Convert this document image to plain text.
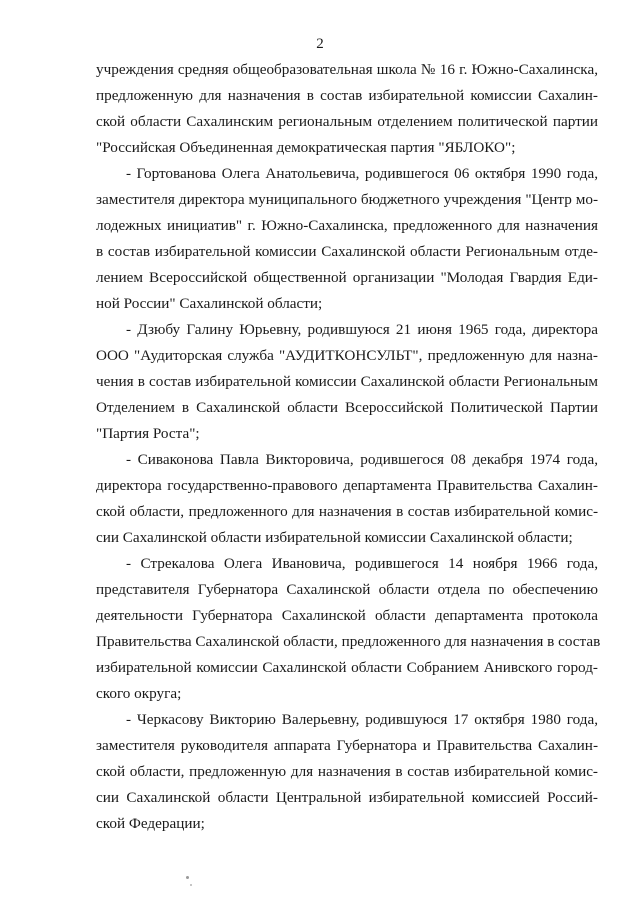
2
учреждения средняя общеобразовательная школа № 16 г. Южно-Сахалинска,
предложенную для назначения в состав избирательной комиссии Сахалин-
ской области Сахалинским региональным отделением политической партии
"Российская Объединенная демократическая партия "ЯБЛОКО";
- Гортованова Олега Анатольевича, родившегося 06 октября 1990 года,
заместителя директора муниципального бюджетного учреждения "Центр мо-
лодежных инициатив" г. Южно-Сахалинска, предложенного для назначения
в состав избирательной комиссии Сахалинской области Региональным отде-
лением Всероссийской общественной организации "Молодая Гвардия Еди-
ной России" Сахалинской области;
- Дзюбу Галину Юрьевну, родившуюся 21 июня 1965 года, директора
ООО "Аудиторская служба "АУДИТКОНСУЛЬТ", предложенную для назна-
чения в состав избирательной комиссии Сахалинской области Региональным
Отделением в Сахалинской области Всероссийской Политической Партии
"Партия Роста";
- Сиваконова Павла Викторовича, родившегося 08 декабря 1974 года,
директора государственно-правового департамента Правительства Сахалин-
ской области, предложенного для назначения в состав избирательной комис-
сии Сахалинской области избирательной комиссии Сахалинской области;
- Стрекалова Олега Ивановича, родившегося 14 ноября 1966 года,
представителя Губернатора Сахалинской области отдела по обеспечению
деятельности Губернатора Сахалинской области департамента протокола
Правительства Сахалинской области, предложенного для назначения в состав
избирательной комиссии Сахалинской области Собранием Анивского город-
ского округа;
- Черкасову Викторию Валерьевну, родившуюся 17 октября 1980 года,
заместителя руководителя аппарата Губернатора и Правительства Сахалин-
ской области, предложенную для назначения в состав избирательной комис-
сии Сахалинской области Центральной избирательной комиссией Россий-
ской Федерации;
